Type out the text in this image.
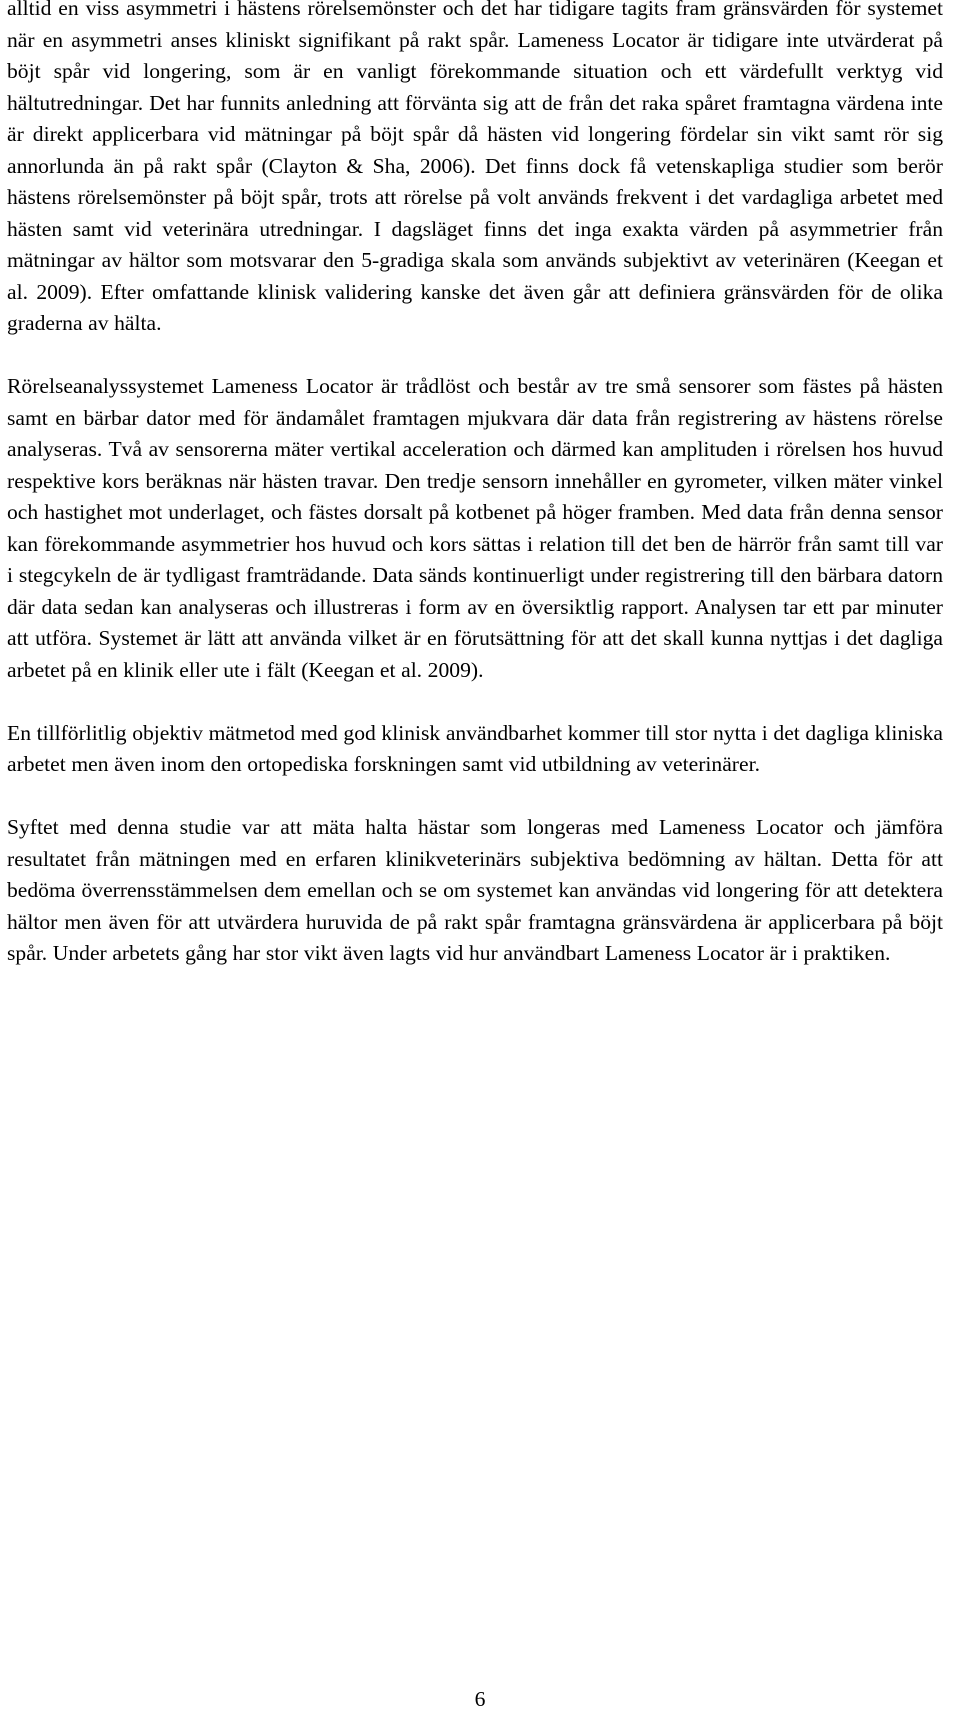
alltid en viss asymmetri i hästens rörelsemönster och det har tidigare tagits fram gränsvärden för systemet när en asymmetri anses kliniskt signifikant på rakt spår. Lameness Locator är tidigare inte utvärderat på böjt spår vid longering, som är en vanligt förekommande situation och ett värdefullt verktyg vid hältutredningar. Det har funnits anledning att förvänta sig att de från det raka spåret framtagna värdena inte är direkt applicerbara vid mätningar på böjt spår då hästen vid longering fördelar sin vikt samt rör sig annorlunda än på rakt spår (Clayton & Sha, 2006). Det finns dock få vetenskapliga studier som berör hästens rörelsemönster på böjt spår, trots att rörelse på volt används frekvent i det vardagliga arbetet med hästen samt vid veterinära utredningar. I dagsläget finns det inga exakta värden på asymmetrier från mätningar av hältor som motsvarar den 5-gradiga skala som används subjektivt av veterinären (Keegan et al. 2009). Efter omfattande klinisk validering kanske det även går att definiera gränsvärden för de olika graderna av hälta.

Rörelseanalyssystemet Lameness Locator är trådlöst och består av tre små sensorer som fästes på hästen samt en bärbar dator med för ändamålet framtagen mjukvara där data från registrering av hästens rörelse analyseras. Två av sensorerna mäter vertikal acceleration och därmed kan amplituden i rörelsen hos huvud respektive kors beräknas när hästen travar. Den tredje sensorn innehåller en gyrometer, vilken mäter vinkel och hastighet mot underlaget, och fästes dorsalt på kotbenet på höger framben. Med data från denna sensor kan förekommande asymmetrier hos huvud och kors sättas i relation till det ben de härrör från samt till var i stegcykeln de är tydligast framträdande. Data sänds kontinuerligt under registrering till den bärbara datorn där data sedan kan analyseras och illustreras i form av en översiktlig rapport. Analysen tar ett par minuter att utföra. Systemet är lätt att använda vilket är en förutsättning för att det skall kunna nyttjas i det dagliga arbetet på en klinik eller ute i fält (Keegan et al. 2009).

En tillförlitlig objektiv mätmetod med god klinisk användbarhet kommer till stor nytta i det dagliga kliniska arbetet men även inom den ortopediska forskningen samt vid utbildning av veterinärer.

Syftet med denna studie var att mäta halta hästar som longeras med Lameness Locator och jämföra resultatet från mätningen med en erfaren klinikveterinärs subjektiva bedömning av hältan. Detta för att bedöma överrensstämmelsen dem emellan och se om systemet kan användas vid longering för att detektera hältor men även för att utvärdera huruvida de på rakt spår framtagna gränsvärdena är applicerbara på böjt spår. Under arbetets gång har stor vikt även lagts vid hur användbart Lameness Locator är i praktiken.

6
